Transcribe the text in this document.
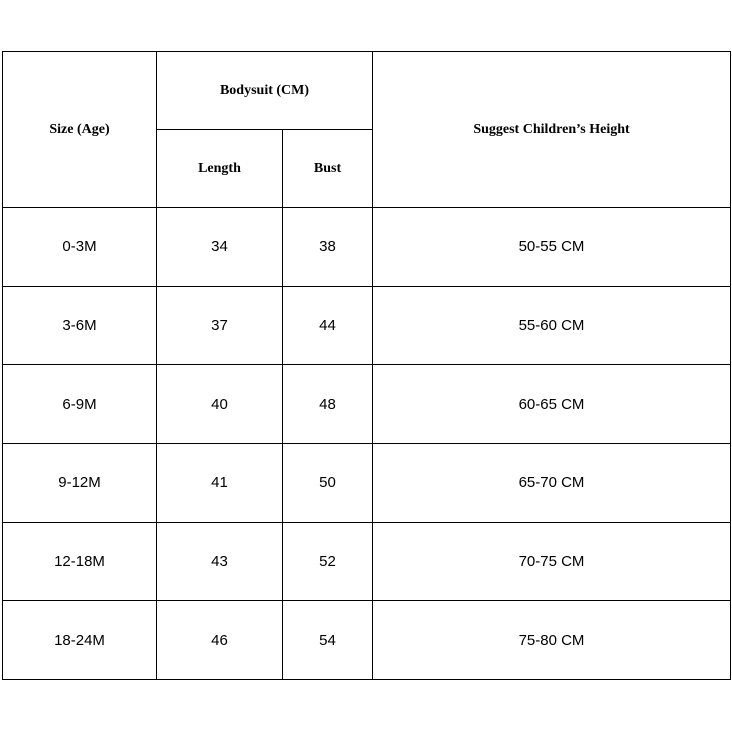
Size (Age)	Bodysuit (CM)		Suggest Children’s Height
	Length	Bust	
0-3M	34	38	50-55 CM
3-6M	37	44	55-60 CM
6-9M	40	48	60-65 CM
9-12M	41	50	65-70 CM
12-18M	43	52	70-75 CM
18-24M	46	54	75-80 CM
